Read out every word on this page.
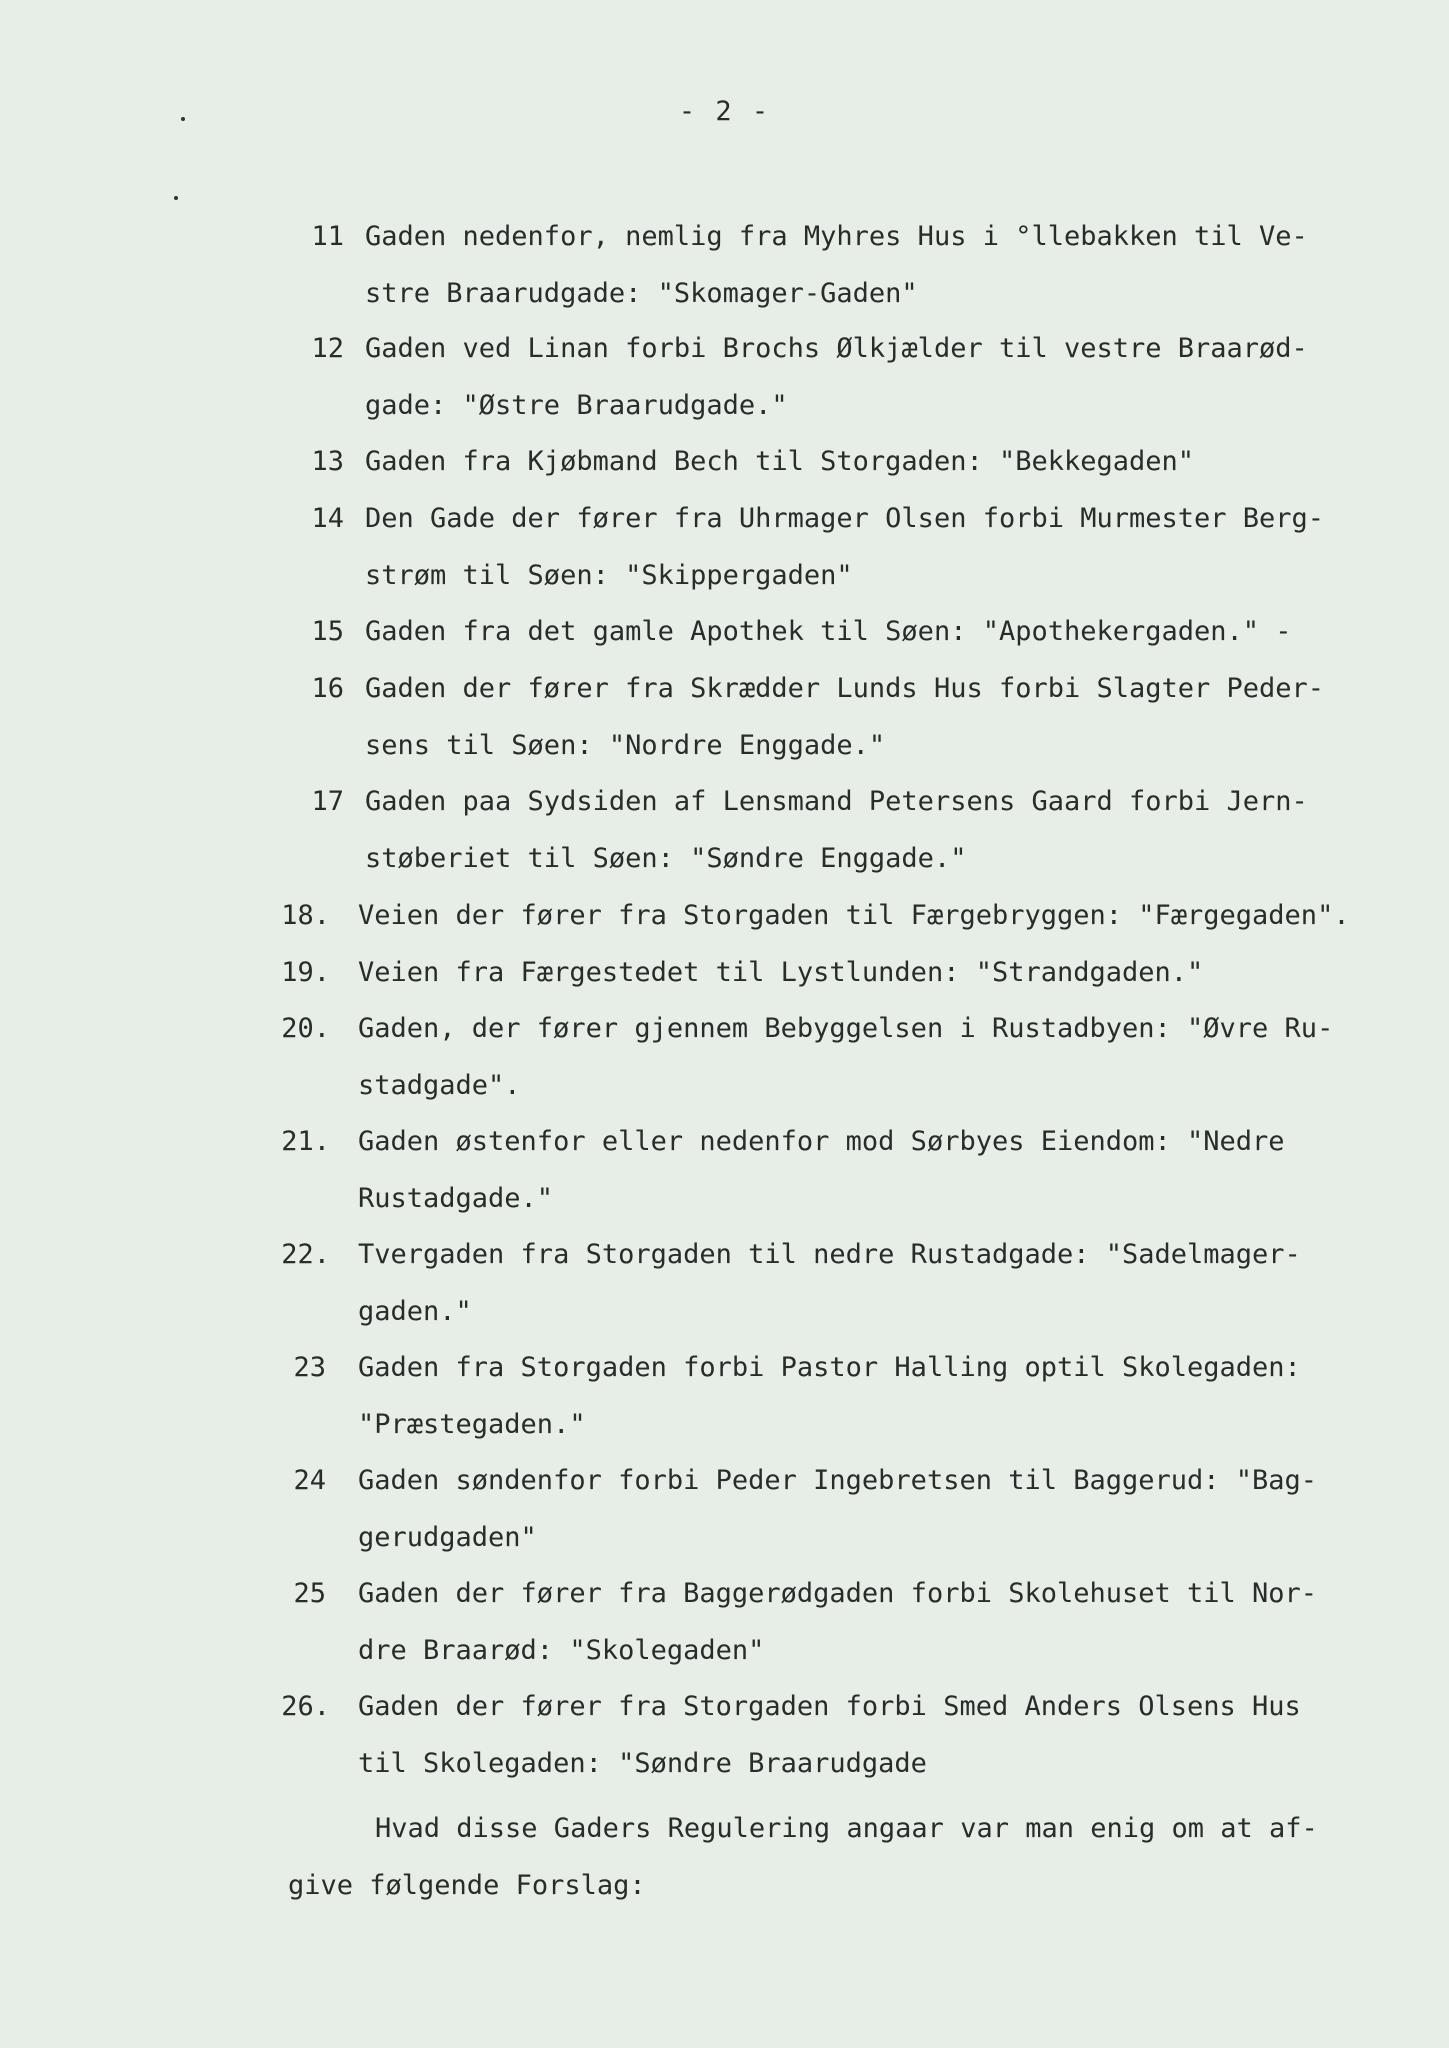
- 2 -
11 Gaden nedenfor, nemlig fra Myhres Hus i °llebakken til Ve-
stre Braarudgade: "Skomager-Gaden"
12 Gaden ved Linan forbi Brochs Ølkjælder til vestre Braarød-
gade: "Østre Braarudgade."
13 Gaden fra Kjøbmand Bech til Storgaden: "Bekkegaden"
14 Den Gade der fører fra Uhrmager Olsen forbi Murmester Berg-
strøm til Søen: "Skippergaden"
15 Gaden fra det gamle Apothek til Søen: "Apothekergaden." -
16 Gaden der fører fra Skrædder Lunds Hus forbi Slagter Peder-
sens til Søen: "Nordre Enggade."
17 Gaden paa Sydsiden af Lensmand Petersens Gaard forbi Jern-
støberiet til Søen: "Søndre Enggade."
18. Veien der fører fra Storgaden til Færgebryggen: "Færgegaden".
19. Veien fra Færgestedet til Lystlunden: "Strandgaden."
20. Gaden, der fører gjennem Bebyggelsen i Rustadbyen: "Øvre Ru-
stadgade".
21. Gaden østenfor eller nedenfor mod Sørbyes Eiendom: "Nedre
Rustadgade."
22. Tvergaden fra Storgaden til nedre Rustadgade: "Sadelmager-
gaden."
23 Gaden fra Storgaden forbi Pastor Halling optil Skolegaden:
"Præstegaden."
24 Gaden søndenfor forbi Peder Ingebretsen til Baggerud: "Bag-
gerudgaden"
25 Gaden der fører fra Baggerødgaden forbi Skolehuset til Nor-
dre Braarød: "Skolegaden"
26. Gaden der fører fra Storgaden forbi Smed Anders Olsens Hus
til Skolegaden: "Søndre Braarudgade
Hvad disse Gaders Regulering angaar var man enig om at af-
give følgende Forslag:
